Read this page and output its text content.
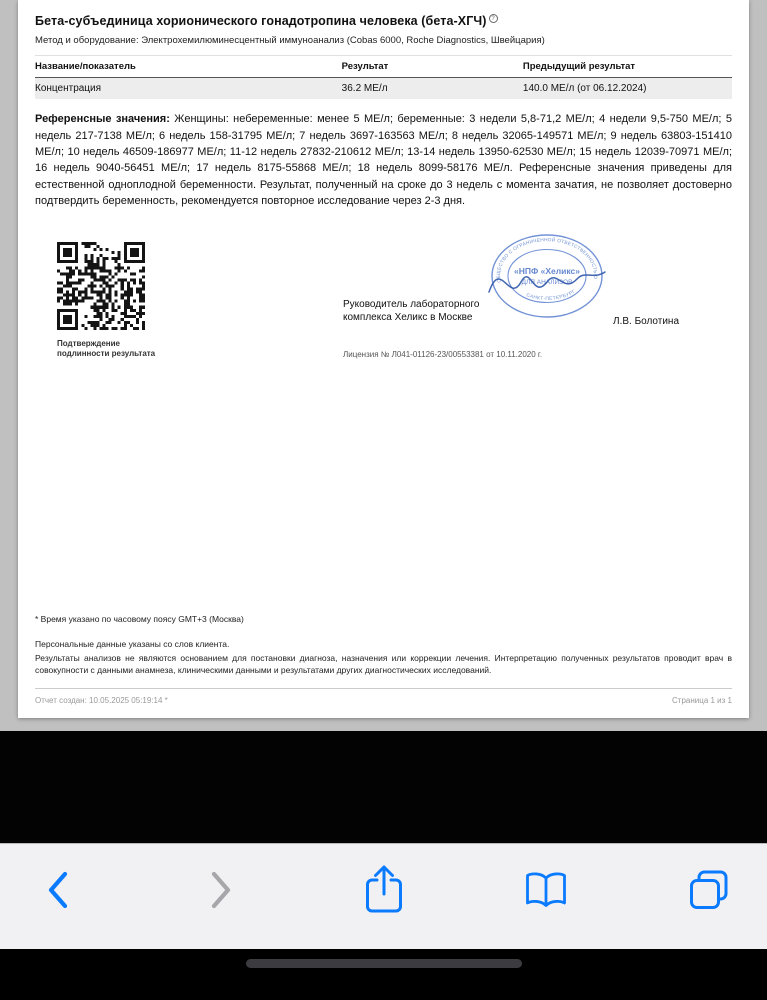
Бета-субъединица хорионического гонадотропина человека (бета-ХГЧ) ?
Метод и оборудование: Электрохемилюминесцентный иммуноанализ (Cobas 6000, Roche Diagnostics, Швейцария)
Название/показатель	Результат	Предыдущий результат
Концентрация	36.2 МЕ/л	140.0 МЕ/л (от 06.12.2024)
Референсные значения: Женщины: небеременные: менее 5 МЕ/л; беременные: 3 недели 5,8-71,2 МЕ/л; 4 недели 9,5-750 МЕ/л; 5 недель 217-7138 МЕ/л; 6 недель 158-31795 МЕ/л; 7 недель 3697-163563 МЕ/л; 8 недель 32065-149571 МЕ/л; 9 недель 63803-151410 МЕ/л; 10 недель 46509-186977 МЕ/л; 11-12 недель 27832-210612 МЕ/л; 13-14 недель 13950-62530 МЕ/л; 15 недель 12039-70971 МЕ/л; 16 недель 9040-56451 МЕ/л; 17 недель 8175-55868 МЕ/л; 18 недель 8099-58176 МЕ/л. Референсные значения приведены для естественной одноплодной беременности. Результат, полученный на сроке до 3 недель с момента зачатия, не позволяет достоверно подтвердить беременность, рекомендуется повторное исследование через 2-3 дня.
Подтверждение
подлинности результата
Руководитель лабораторного комплекса Хеликс в Москве
ОБЩЕСТВО С ОГРАНИЧЕННОЙ ОТВЕТСТВЕННОСТЬЮ
САНКТ-ПЕТЕРБУРГ
«НПФ «Хеликс»
ДЛЯ АНАЛИЗОВ
Л.В. Болотина
Лицензия № Л041-01126-23/00553381 от 10.11.2020 г.
* Время указано по часовому поясу GMT+3 (Москва)
Персональные данные указаны со слов клиента.
Результаты анализов не являются основанием для постановки диагноза, назначения или коррекции лечения. Интерпретацию полученных результатов проводит врач в совокупности с данными анамнеза, клиническими данными и результатами других диагностических исследований.
Отчет создан: 10.05.2025 05:19:14 *	Страница 1 из 1
